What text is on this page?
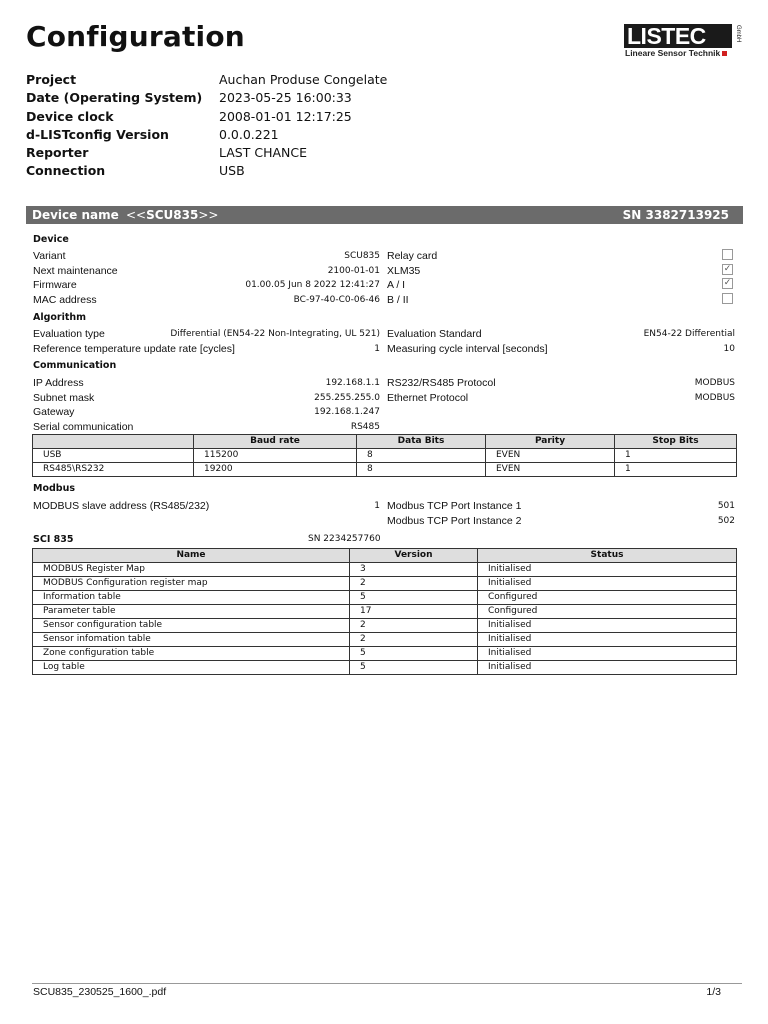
Configuration	LISTEC	GmbH
Lineare Sensor Technik
Project	Auchan Produse Congelate
Date (Operating System) 2023-05-25 16:00:33
Device clock	2008-01-01 12:17:25
d-LISTconfig Version	0.0.0.221
Reporter	LAST CHANCE
Connection	USB
Device name <<SCU835>>	SN 3382713925
Device
Variant	SCU835
Next maintenance	2100-01-01
Firmware	01.00.05 Jun 8 2022 12:41:27
MAC address	BC-97-40-C0-06-46
Relay card
XLM35	✓
A / I	✓
B / II
Algorithm
Evaluation type	Differential (EN54-22 Non-Integrating, UL 521) Evaluation Standard	EN54-22 Differential
Reference temperature update rate [cycles]	1 Measuring cycle interval [seconds]	10
Communication
IP Address	192.168.1.1
Subnet mask	255.255.255.0
Gateway	192.168.1.247
Serial communication	RS485
RS232/RS485 Protocol	MODBUS
Ethernet Protocol	MODBUS
	Baud rate	Data Bits	Parity	Stop Bits
USB	115200	8	EVEN	1
RS485\RS232	19200	8	EVEN	1
Modbus
MODBUS slave address (RS485/232)	1 Modbus TCP Port Instance 1	501
Modbus TCP Port Instance 2	502
SCI 835	SN 2234257760
Name	Version	Status
MODBUS Register Map	3	Initialised
MODBUS Configuration register map	2	Initialised
Information table	5	Configured
Parameter table	17	Configured
Sensor configuration table	2	Initialised
Sensor infomation table	2	Initialised
Zone configuration table	5	Initialised
Log table	5	Initialised
SCU835_230525_1600_.pdf	1/3
